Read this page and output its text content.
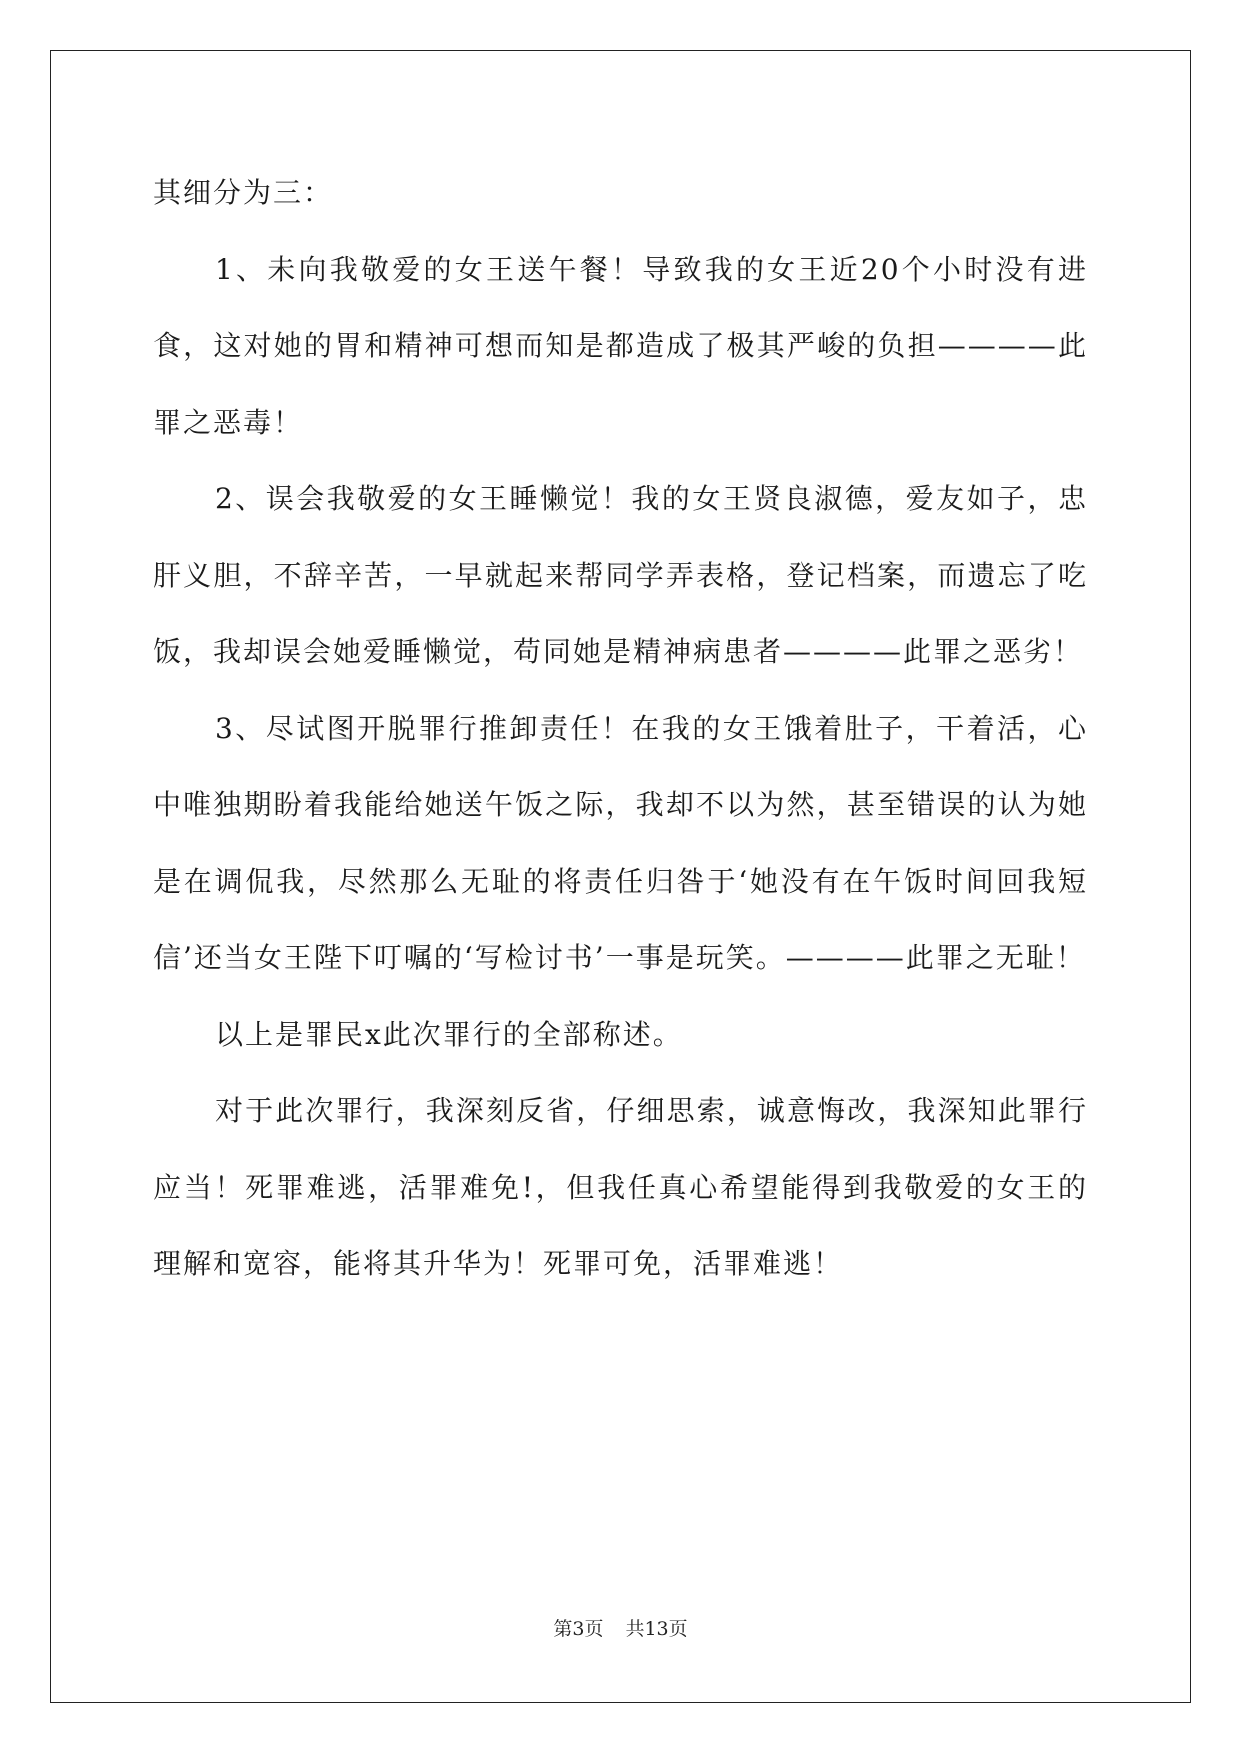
其细分为三：

1、未向我敬爱的女王送午餐！导致我的女王近20个小时没有进食，这对她的胃和精神可想而知是都造成了极其严峻的负担————此罪之恶毒！

2、误会我敬爱的女王睡懒觉！我的女王贤良淑德，爱友如子，忠肝义胆，不辞辛苦，一早就起来帮同学弄表格，登记档案，而遗忘了吃饭，我却误会她爱睡懒觉，苟同她是精神病患者————此罪之恶劣！

3、尽试图开脱罪行推卸责任！在我的女王饿着肚子，干着活，心中唯独期盼着我能给她送午饭之际，我却不以为然，甚至错误的认为她是在调侃我，尽然那么无耻的将责任归咎于‘她没有在午饭时间回我短信’还当女王陛下叮嘱的‘写检讨书’一事是玩笑。————此罪之无耻！

以上是罪民x此次罪行的全部称述。

对于此次罪行，我深刻反省，仔细思索，诚意悔改，我深知此罪行应当！死罪难逃，活罪难免!，但我任真心希望能得到我敬爱的女王的理解和宽容，能将其升华为！死罪可免，活罪难逃！

第3页 共13页
